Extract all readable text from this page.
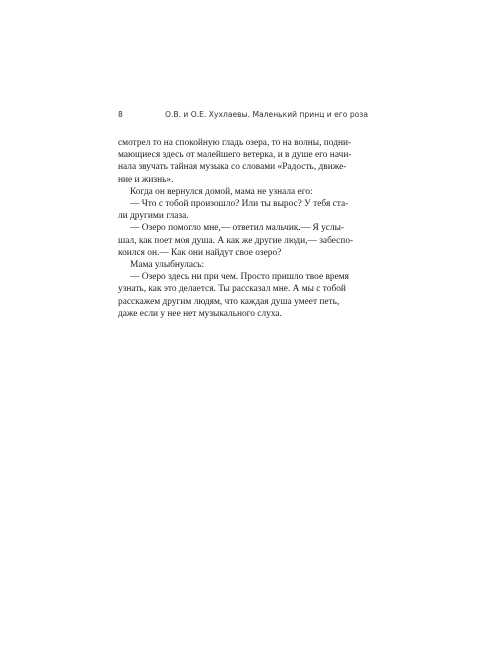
8	О.В. и О.Е. Хухлаевы. Маленький принц и его роза

смотрел то на спокойную гладь озера, то на волны, подни-
мающиеся здесь от малейшего ветерка, и в душе его начи-
нала звучать тайная музыка со словами «Радость, движе-
ние и жизнь».

Когда он вернулся домой, мама не узнала его:

— Что с тобой произошло? Или ты вырос? У тебя ста-
ли другими глаза.

— Озеро помогло мне,— ответил мальчик.— Я услы-
шал, как поет моя душа. А как же другие люди,— забеспо-
коился он.— Как они найдут свое озеро?

Мама улыбнулась:

— Озеро здесь ни при чем. Просто пришло твое время
узнать, как это делается. Ты рассказал мне. А мы с тобой
расскажем другим людям, что каждая душа умеет петь,
даже если у нее нет музыкального слуха.
